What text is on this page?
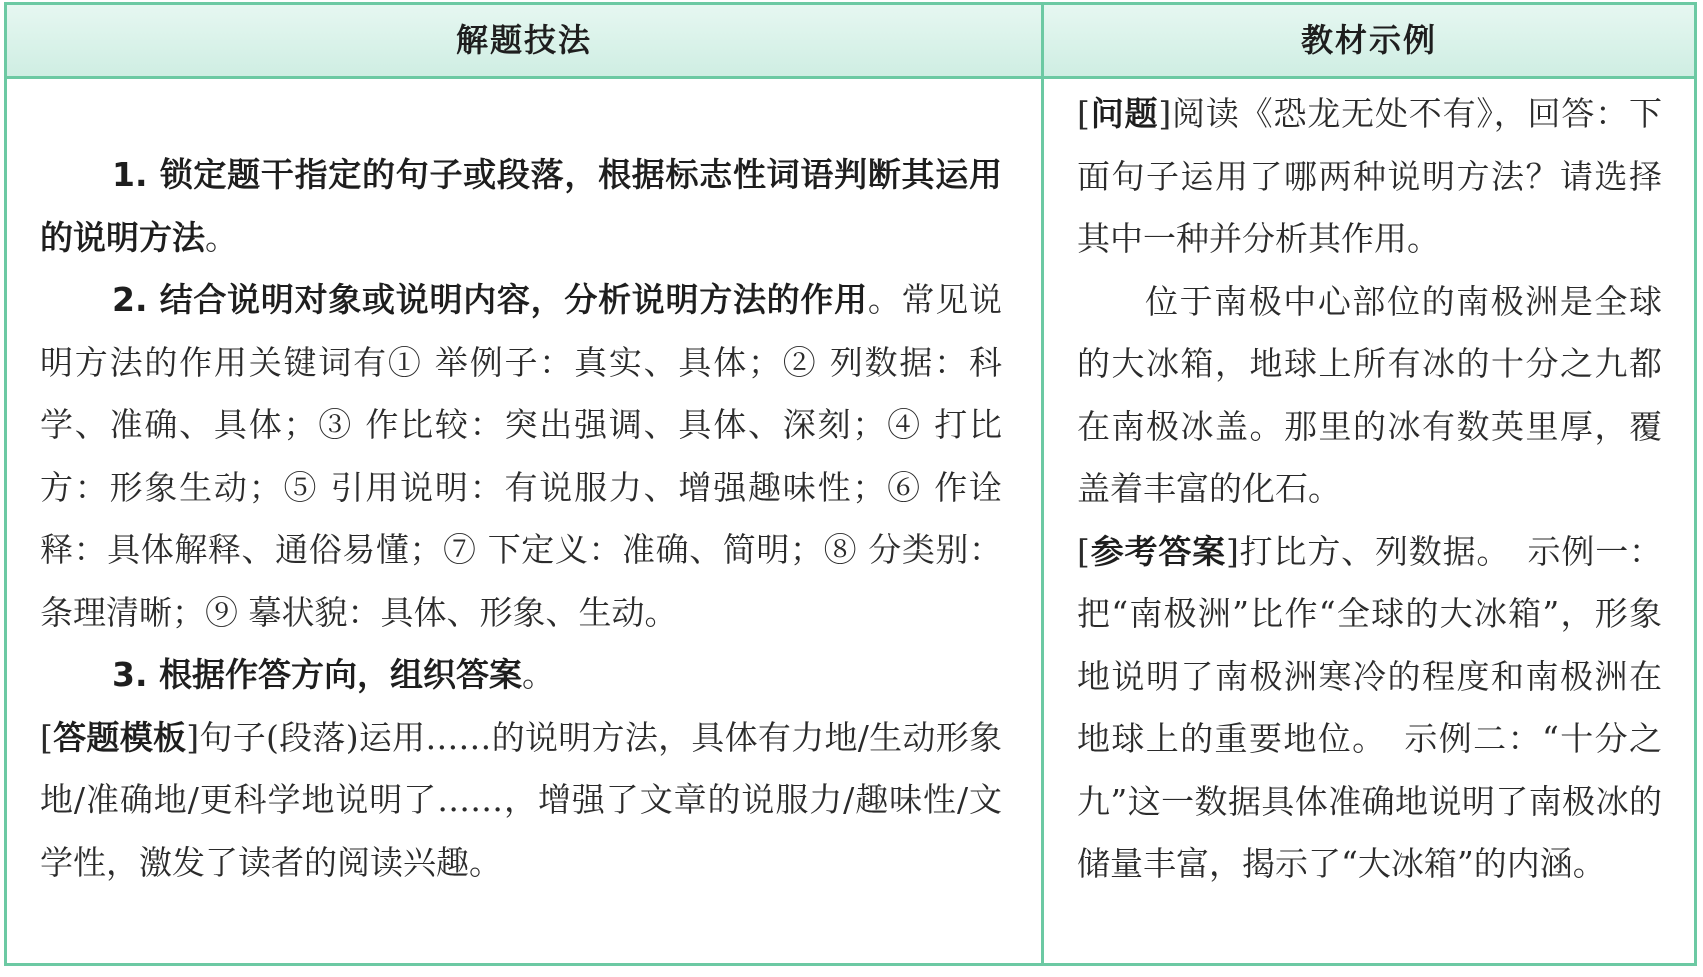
解题技法	教材示例

1. 锁定题干指定的句子或段落，根据标志性词语判断其运用的说明方法。

2. 结合说明对象或说明内容，分析说明方法的作用。常见说明方法的作用关键词有① 举例子：真实、具体；② 列数据：科学、准确、具体；③ 作比较：突出强调、具体、深刻；④ 打比方：形象生动；⑤ 引用说明：有说服力、增强趣味性；⑥ 作诠释：具体解释、通俗易懂；⑦ 下定义：准确、简明；⑧ 分类别：条理清晰；⑨ 摹状貌：具体、形象、生动。

3. 根据作答方向，组织答案。

[答题模板]句子(段落)运用……的说明方法，具体有力地/生动形象地/准确地/更科学地说明了……，增强了文章的说服力/趣味性/文学性，激发了读者的阅读兴趣。

[问题]阅读《恐龙无处不有》，回答：下面句子运用了哪两种说明方法？请选择其中一种并分析其作用。

位于南极中心部位的南极洲是全球的大冰箱，地球上所有冰的十分之九都在南极冰盖。那里的冰有数英里厚，覆盖着丰富的化石。

[参考答案]打比方、列数据。　示例一：把“南极洲”比作“全球的大冰箱”，形象地说明了南极洲寒冷的程度和南极洲在地球上的重要地位。　示例二：“十分之九”这一数据具体准确地说明了南极冰的储量丰富，揭示了“大冰箱”的内涵。
